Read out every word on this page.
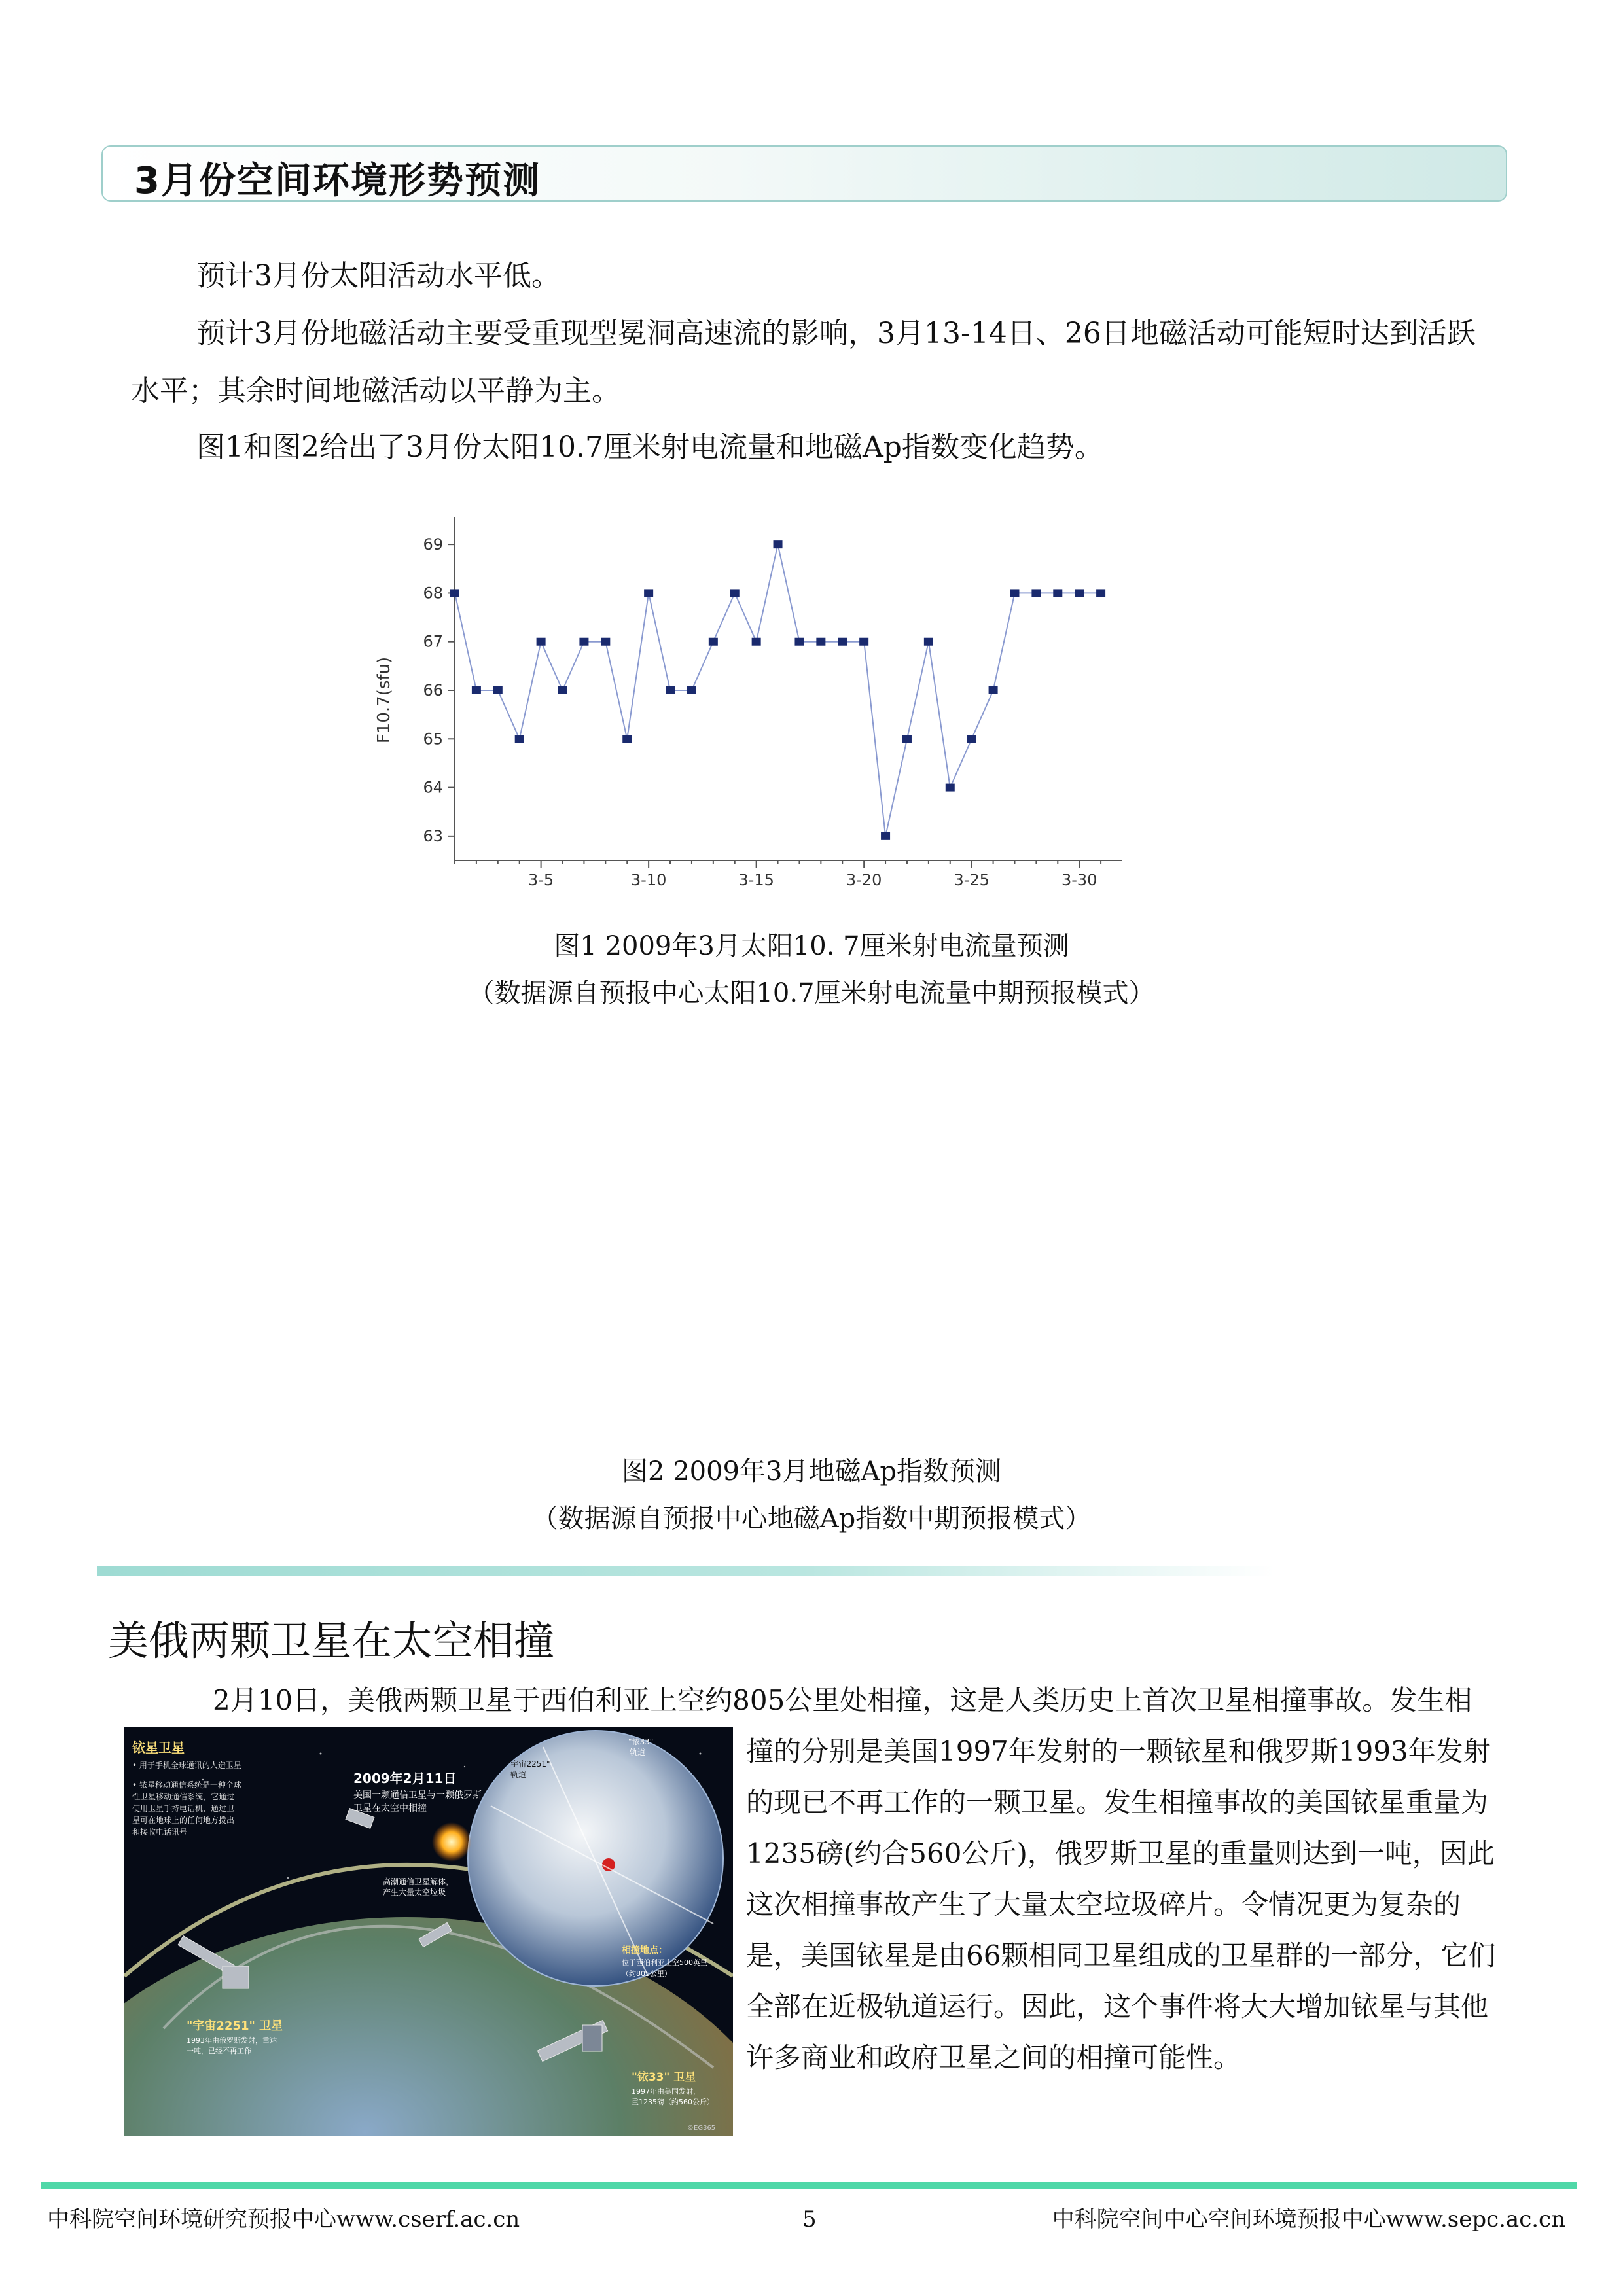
3月份空间环境形势预测

预计3月份太阳活动水平低。

预计3月份地磁活动主要受重现型冕洞高速流的影响，3月13-14日、26日地磁活动可能短时达到活跃水平；其余时间地磁活动以平静为主。

图1和图2给出了3月份太阳10.7厘米射电流量和地磁Ap指数变化趋势。

63
64
65
66
67
68
69
3-5	3-10	3-15	3-20	3-25	3-30
F10.7(sfu)

图1 2009年3月太阳10. 7厘米射电流量预测

（数据源自预报中心太阳10.7厘米射电流量中期预报模式）

图2 2009年3月地磁Ap指数预测

（数据源自预报中心地磁Ap指数中期预报模式）

美俄两颗卫星在太空相撞

2月10日，美俄两颗卫星于西伯利亚上空约805公里处相撞，这是人类历史上首次卫星相撞事故。发生相

铱星卫星
• 用于手机全球通讯的人造卫星
• 铱星移动通信系统是一种全球
性卫星移动通信系统，它通过
使用卫星手持电话机，通过卫
星可在地球上的任何地方拨出
和接收电话讯号
2009年2月11日
美国一颗通信卫星与一颗俄罗斯
卫星在太空中相撞
高潮通信卫星解体，
产生大量太空垃圾
"宇宙2251"
轨道
"铱33"
轨道
相撞地点：
位于西伯利亚上空500英里
（约805公里）
"宇宙2251" 卫星
1993年由俄罗斯发射，重达
一吨，已经不再工作
"铱33" 卫星
1997年由美国发射，
重1235磅（约560公斤）
©EG365

撞的分别是美国1997年发射的一颗铱星和俄罗斯1993年发射的现已不再工作的一颗卫星。发生相撞事故的美国铱星重量为1235磅(约合560公斤)，俄罗斯卫星的重量则达到一吨，因此这次相撞事故产生了大量太空垃圾碎片。令情况更为复杂的是，美国铱星是由66颗相同卫星组成的卫星群的一部分，它们全部在近极轨道运行。因此，这个事件将大大增加铱星与其他许多商业和政府卫星之间的相撞可能性。

中科院空间环境研究预报中心www.cserf.ac.cn	5	中科院空间中心空间环境预报中心www.sepc.ac.cn
